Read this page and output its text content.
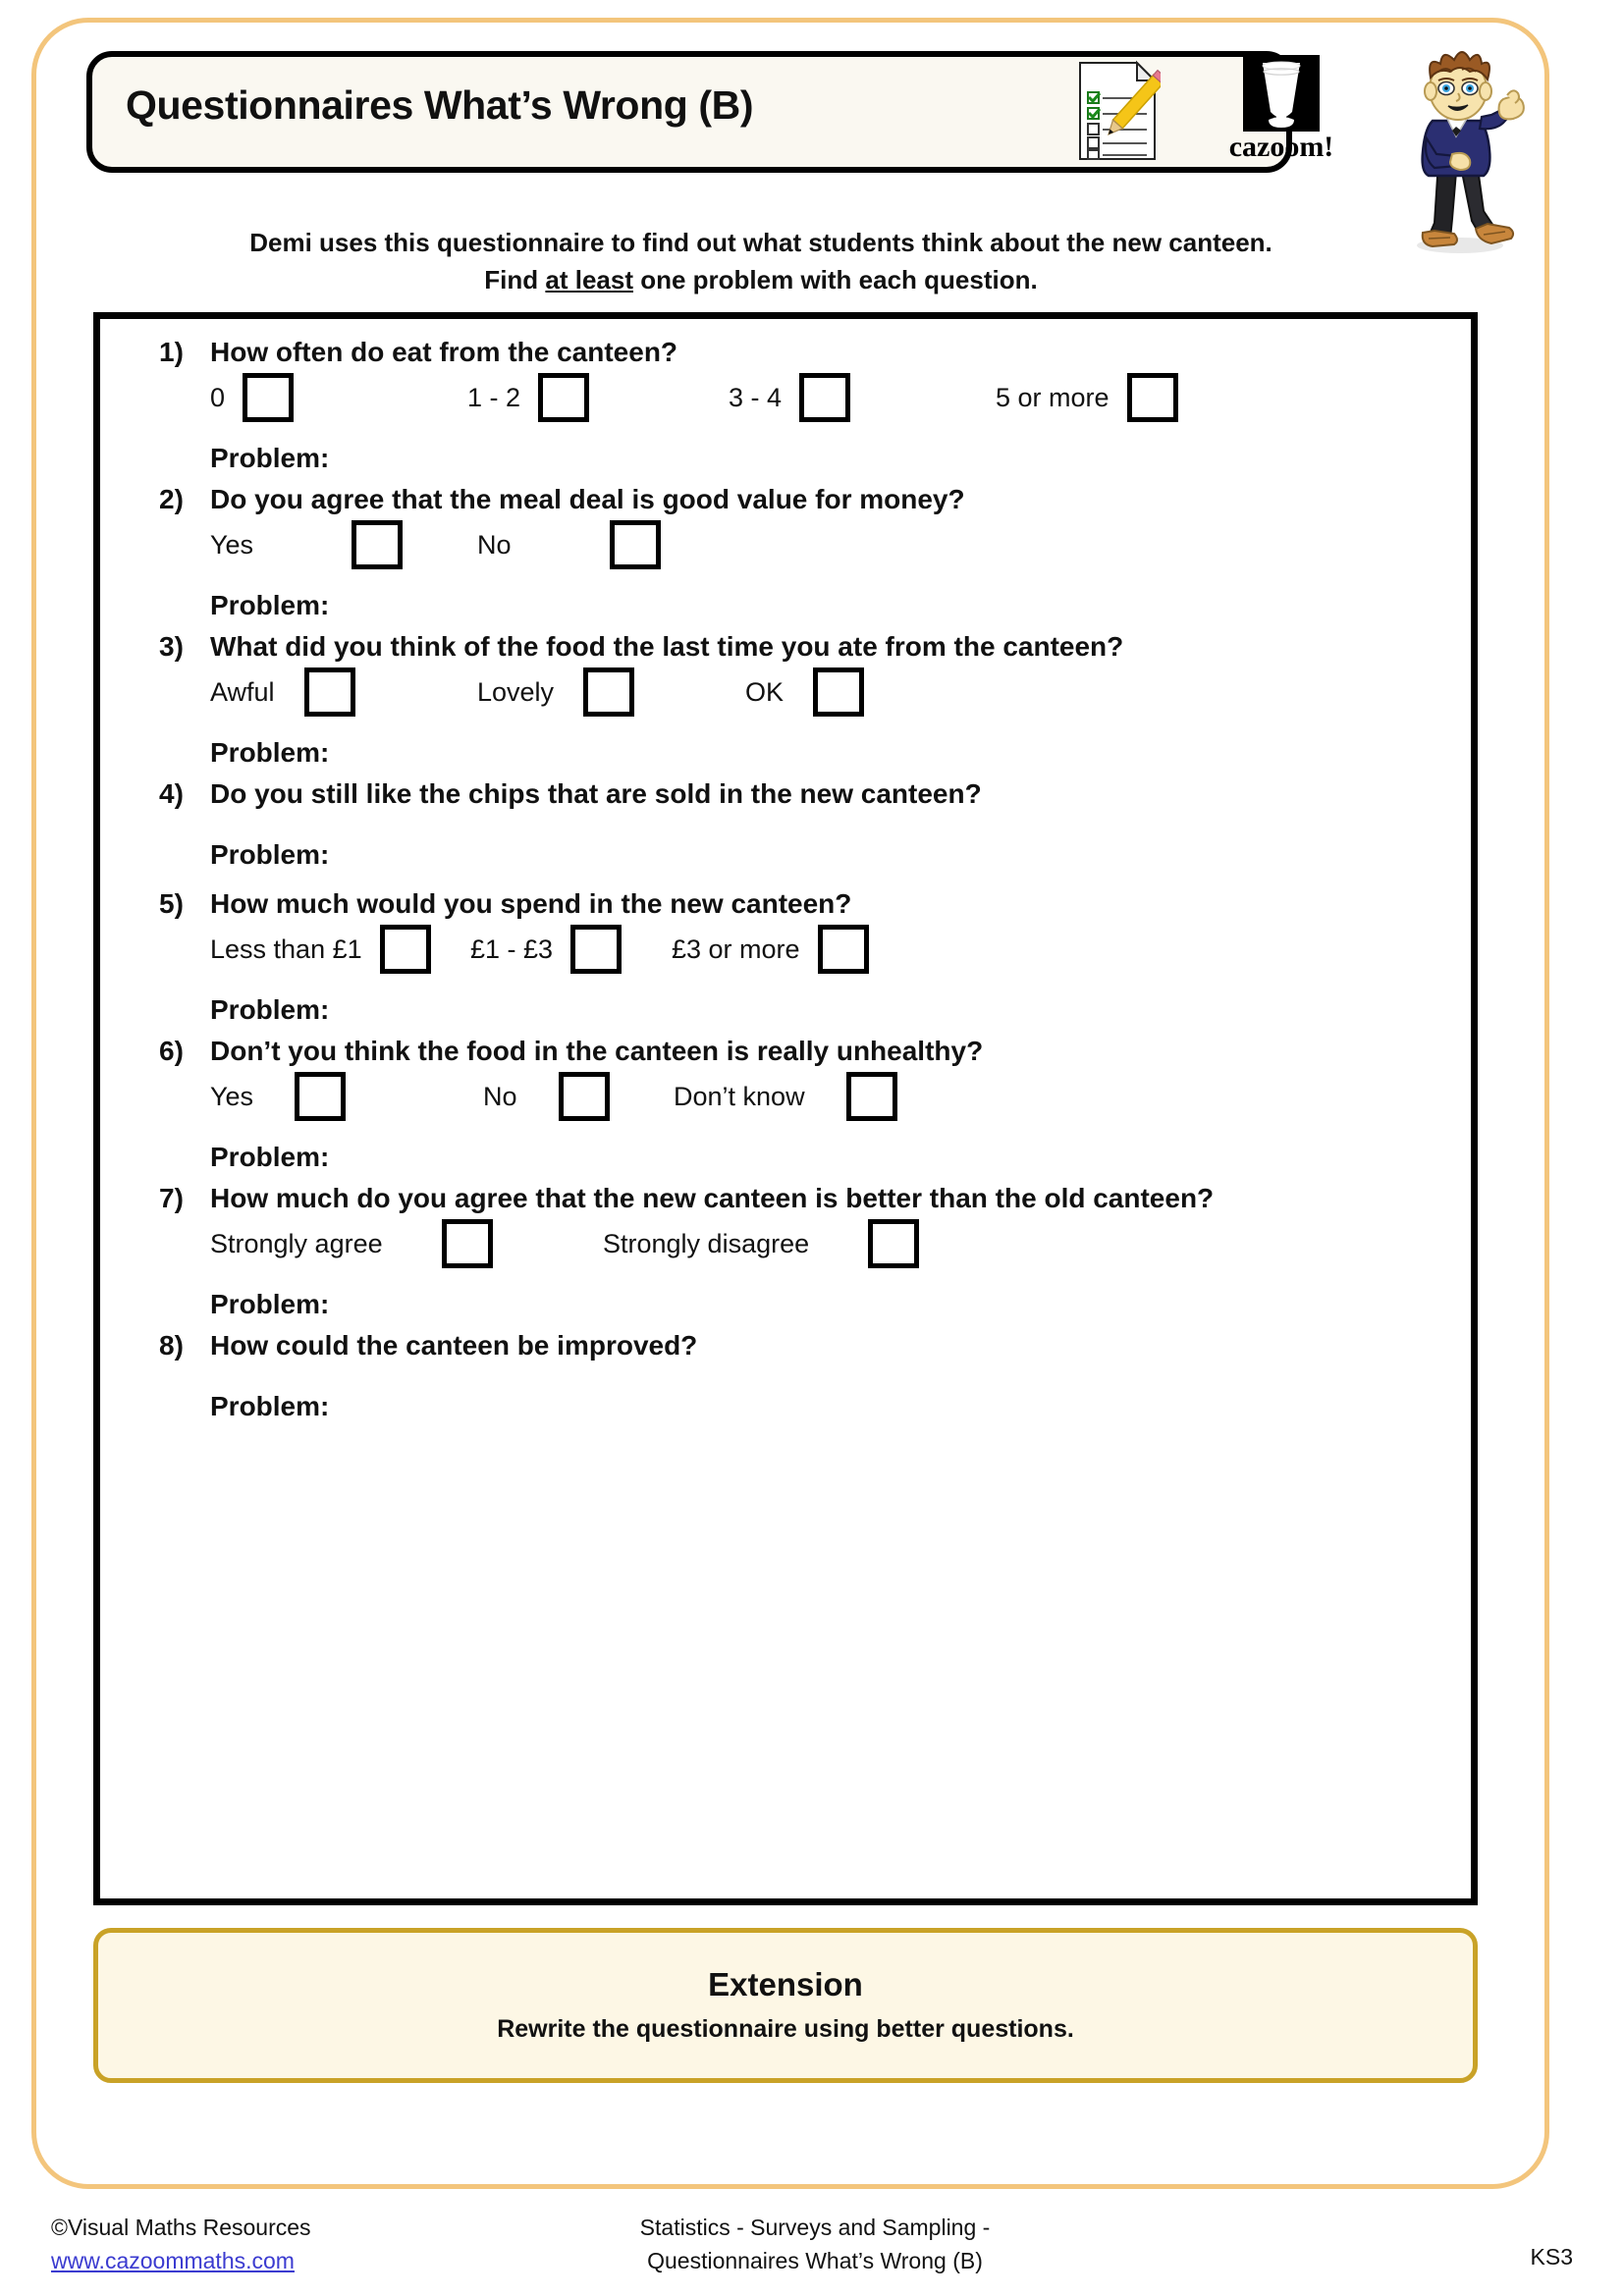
Questionnaires What’s Wrong (B)
cazoom!
Demi uses this questionnaire to find out what students think about the new canteen.
Find at least one problem with each question.
1) How often do eat from the canteen?
0	1 - 2	3 - 4	5 or more
Problem:
2) Do you agree that the meal deal is good value for money?
Yes	No
Problem:
3) What did you think of the food the last time you ate from the canteen?
Awful	Lovely	OK
Problem:
4) Do you still like the chips that are sold in the new canteen?
Problem:
5) How much would you spend in the new canteen?
Less than £1	£1 - £3	£3 or more
Problem:
6) Don’t you think the food in the canteen is really unhealthy?
Yes	No	Don’t know
Problem:
7) How much do you agree that the new canteen is better than the old canteen?
Strongly agree	Strongly disagree
Problem:
8) How could the canteen be improved?
Problem:
Extension
Rewrite the questionnaire using better questions.
©Visual Maths Resources
www.cazoommaths.com
Statistics - Surveys and Sampling -
Questionnaires What’s Wrong (B)	KS3
